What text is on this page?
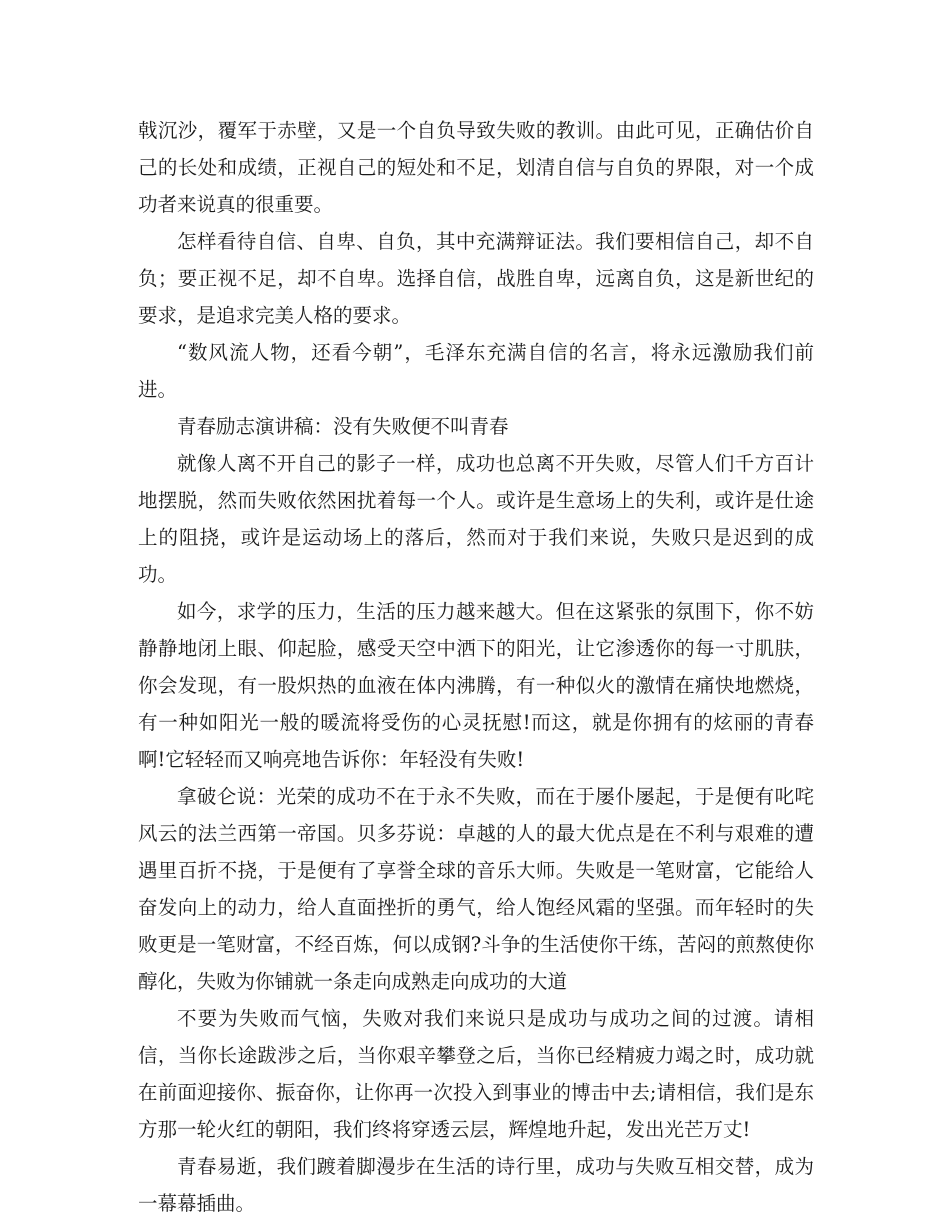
戟沉沙，覆军于赤壁，又是一个自负导致失败的教训。由此可见，正确估价自己的长处和成绩，正视自己的短处和不足，划清自信与自负的界限，对一个成功者来说真的很重要。

怎样看待自信、自卑、自负，其中充满辩证法。我们要相信自己，却不自负；要正视不足，却不自卑。选择自信，战胜自卑，远离自负，这是新世纪的要求，是追求完美人格的要求。

“数风流人物，还看今朝”，毛泽东充满自信的名言，将永远激励我们前进。

青春励志演讲稿：没有失败便不叫青春

就像人离不开自己的影子一样，成功也总离不开失败，尽管人们千方百计地摆脱，然而失败依然困扰着每一个人。或许是生意场上的失利，或许是仕途上的阻挠，或许是运动场上的落后，然而对于我们来说，失败只是迟到的成功。

如今，求学的压力，生活的压力越来越大。但在这紧张的氛围下，你不妨静静地闭上眼、仰起脸，感受天空中洒下的阳光，让它渗透你的每一寸肌肤，你会发现，有一股炽热的血液在体内沸腾，有一种似火的激情在痛快地燃烧，有一种如阳光一般的暖流将受伤的心灵抚慰!而这，就是你拥有的炫丽的青春啊!它轻轻而又响亮地告诉你：年轻没有失败!

拿破仑说：光荣的成功不在于永不失败，而在于屡仆屡起，于是便有叱咤风云的法兰西第一帝国。贝多芬说：卓越的人的最大优点是在不利与艰难的遭遇里百折不挠，于是便有了享誉全球的音乐大师。失败是一笔财富，它能给人奋发向上的动力，给人直面挫折的勇气，给人饱经风霜的坚强。而年轻时的失败更是一笔财富，不经百炼，何以成钢?斗争的生活使你干练，苦闷的煎熬使你醇化，失败为你铺就一条走向成熟走向成功的大道

不要为失败而气恼，失败对我们来说只是成功与成功之间的过渡。请相信，当你长途跋涉之后，当你艰辛攀登之后，当你已经精疲力竭之时，成功就在前面迎接你、振奋你，让你再一次投入到事业的博击中去;请相信，我们是东方那一轮火红的朝阳，我们终将穿透云层，辉煌地升起，发出光芒万丈!

青春易逝，我们踱着脚漫步在生活的诗行里，成功与失败互相交替，成为一幕幕插曲。
